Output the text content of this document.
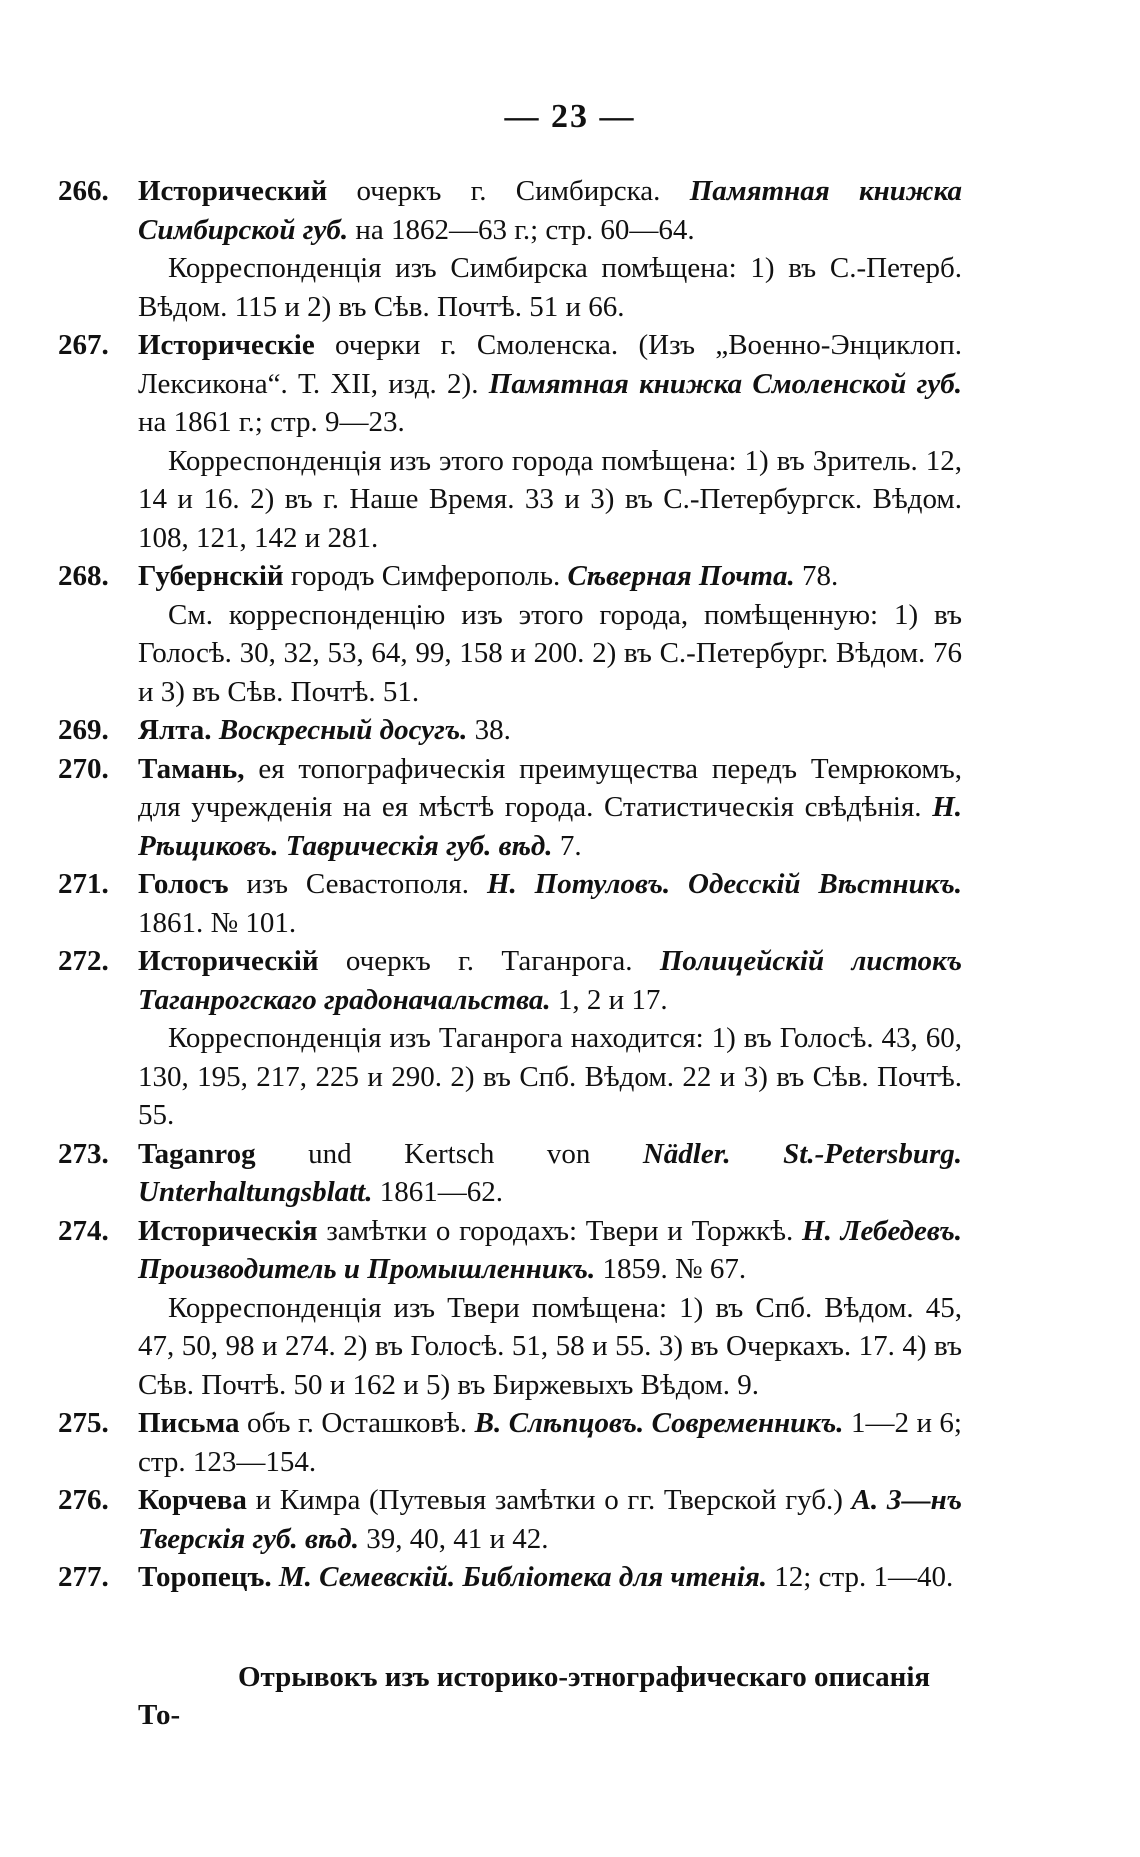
— 23 —

266. Исторический очеркъ г. Симбирска. Памятная книжка Симбирской губ. на 1862—63 г.; стр. 60—64.

Корреспонденція изъ Симбирска помѣщена: 1) въ С.-Петерб. Вѣдом. 115 и 2) въ Сѣв. Почтѣ. 51 и 66.

267. Историческіе очерки г. Смоленска. (Изъ „Военно-Энциклоп. Лексикона“. Т. XII, изд. 2). Памятная книжка Смоленской губ. на 1861 г.; стр. 9—23.

Корреспонденція изъ этого города помѣщена: 1) въ Зритель. 12, 14 и 16. 2) въ г. Наше Время. 33 и 3) въ С.-Петербургск. Вѣдом. 108, 121, 142 и 281.

268. Губернскій городъ Симферополь. Сѣверная Почта. 78.

См. корреспонденцію изъ этого города, помѣщенную: 1) въ Голосѣ. 30, 32, 53, 64, 99, 158 и 200. 2) въ С.-Петербург. Вѣдом. 76 и 3) въ Сѣв. Почтѣ. 51.

269. Ялта. Воскресный досугъ. 38.

270. Тамань, ея топографическія преимущества передъ Темрюкомъ, для учрежденія на ея мѣстѣ города. Статистическія свѣдѣнія. Н. Рѣщиковъ. Таврическія губ. вѣд. 7.

271. Голосъ изъ Севастополя. Н. Потуловъ. Одесскій Вѣстникъ. 1861. № 101.

272. Историческій очеркъ г. Таганрога. Полицейскій листокъ Таганрогскаго градоначальства. 1, 2 и 17.

Корреспонденція изъ Таганрога находится: 1) въ Голосѣ. 43, 60, 130, 195, 217, 225 и 290. 2) въ Спб. Вѣдом. 22 и 3) въ Сѣв. Почтѣ. 55.

273. Taganrog und Kertsch von Nädler. St.-Petersburg. Unterhaltungsblatt. 1861—62.

274. Историческія замѣтки о городахъ: Твери и Торжкѣ. Н. Лебедевъ. Производитель и Промышленникъ. 1859. № 67.

Корреспонденція изъ Твери помѣщена: 1) въ Спб. Вѣдом. 45, 47, 50, 98 и 274. 2) въ Голосѣ. 51, 58 и 55. 3) въ Очеркахъ. 17. 4) въ Сѣв. Почтѣ. 50 и 162 и 5) въ Биржевыхъ Вѣдом. 9.

275. Письма объ г. Осташковѣ. В. Слѣпцовъ. Современникъ. 1—2 и 6; стр. 123—154.

276. Корчева и Кимра (Путевыя замѣтки о гг. Тверской губ.) А. З—нъ Тверскія губ. вѣд. 39, 40, 41 и 42.

277. Торопецъ. М. Семевскій. Библіотека для чтенія. 12; стр. 1—40.

Отрывокъ изъ историко-этнографическаго описанія То-
